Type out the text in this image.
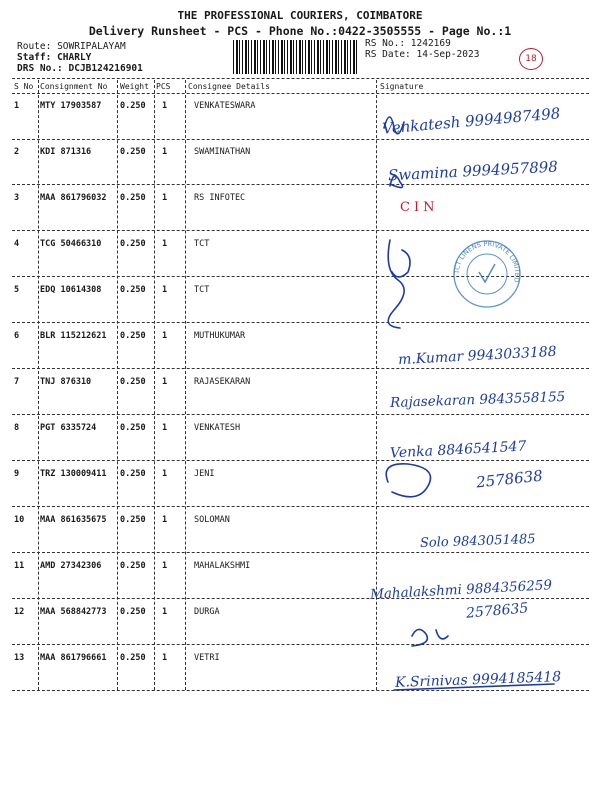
THE PROFESSIONAL COURIERS, COIMBATORE
Delivery Runsheet - PCS - Phone No.:0422-3505555 - Page No.:1
Route: SOWRIPALAYAM
Staff: CHARLY
DRS No.: DCJB124216901
RS No.: 1242169
RS Date: 14-Sep-2023	18
S No Consignment No Weight PCS Consignee Details	Signature
1 MTY 17903587 0.250 1	VENKATESWARA	Venkatesh 9994987498
2 KDI 871316	0.250 1	SWAMINATHAN
Swamina 9994957898
3 MAA 861796032 0.250 1	RS INFOTEC
CIN
4 TCG 50466310 0.250 1	TCT
5 EDQ 10614308 0.250 1	TCT
6 BLR 115212621 0.250 1	MUTHUKUMAR
m.Kumar 9943033188
7 TNJ 876310	0.250 1	RAJASEKARAN
Rajasekaran 9843558155
8 PGT 6335724	0.250 1	VENKATESH
Venka 8846541547
9 TRZ 130009411 0.250 1	JENI	2578638
10 MAA 861635675 0.250 1	SOLOMAN
Solo 9843051485
11 AMD 27342306 0.250 1	MAHALAKSHMI
Mahalakshmi 9884356259
12 MAA 568842773 0.250 1	DURGA	2578635
13 MAA 861796661 0.250 1	VETRI
K.Srinivas 9994185418
TCT LINENS PRIVATE LIMITED
